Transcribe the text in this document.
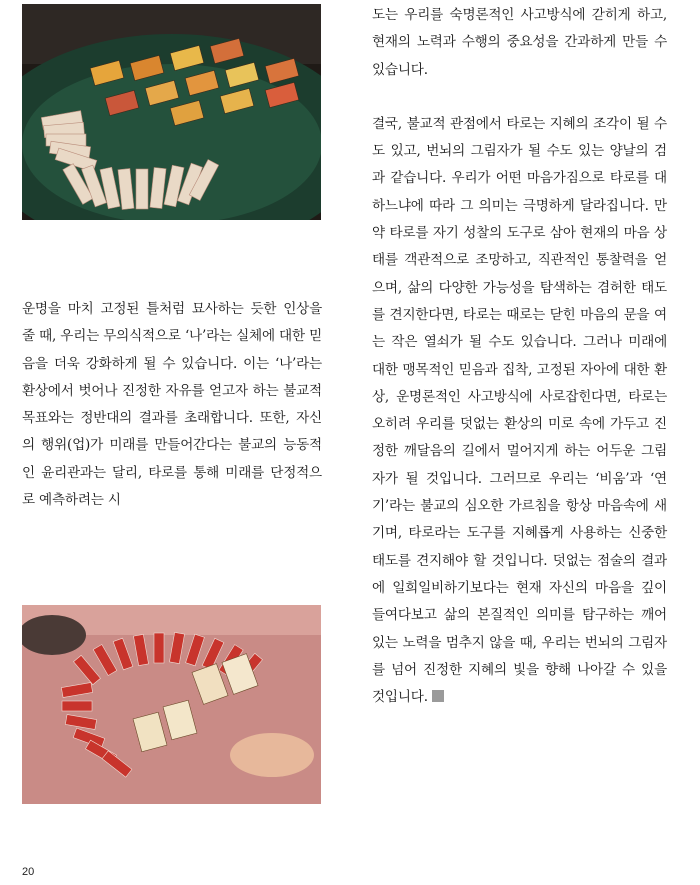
운명을 마치 고정된 틀처럼 묘사하는 듯한 인상을 줄 때, 우리는 무의식적으로 ‘나’라는 실체에 대한 믿음을 더욱 강화하게 될 수 있습니다. 이는 ‘나’라는 환상에서 벗어나 진정한 자유를 얻고자 하는 불교적 목표와는 정반대의 결과를 초래합니다. 또한, 자신의 행위(업)가 미래를 만들어간다는 불교의 능동적인 윤리관과는 달리, 타로를 통해 미래를 단정적으로 예측하려는 시

도는 우리를 숙명론적인 사고방식에 갇히게 하고, 현재의 노력과 수행의 중요성을 간과하게 만들 수 있습니다.

결국, 불교적 관점에서 타로는 지혜의 조각이 될 수도 있고, 번뇌의 그림자가 될 수도 있는 양날의 검과 같습니다. 우리가 어떤 마음가짐으로 타로를 대하느냐에 따라 그 의미는 극명하게 달라집니다. 만약 타로를 자기 성찰의 도구로 삼아 현재의 마음 상태를 객관적으로 조망하고, 직관적인 통찰력을 얻으며, 삶의 다양한 가능성을 탐색하는 겸허한 태도를 견지한다면, 타로는 때로는 닫힌 마음의 문을 여는 작은 열쇠가 될 수도 있습니다. 그러나 미래에 대한 맹목적인 믿음과 집착, 고정된 자아에 대한 환상, 운명론적인 사고방식에 사로잡힌다면, 타로는 오히려 우리를 덧없는 환상의 미로 속에 가두고 진정한 깨달음의 길에서 멀어지게 하는 어두운 그림자가 될 것입니다. 그러므로 우리는 ‘비움’과 ‘연기’라는 불교의 심오한 가르침을 항상 마음속에 새기며, 타로라는 도구를 지혜롭게 사용하는 신중한 태도를 견지해야 할 것입니다. 덧없는 점술의 결과에 일희일비하기보다는 현재 자신의 마음을 깊이 들여다보고 삶의 본질적인 의미를 탐구하는 깨어 있는 노력을 멈추지 않을 때, 우리는 번뇌의 그림자를 넘어 진정한 지혜의 빛을 향해 나아갈 수 있을 것입니다.

20
